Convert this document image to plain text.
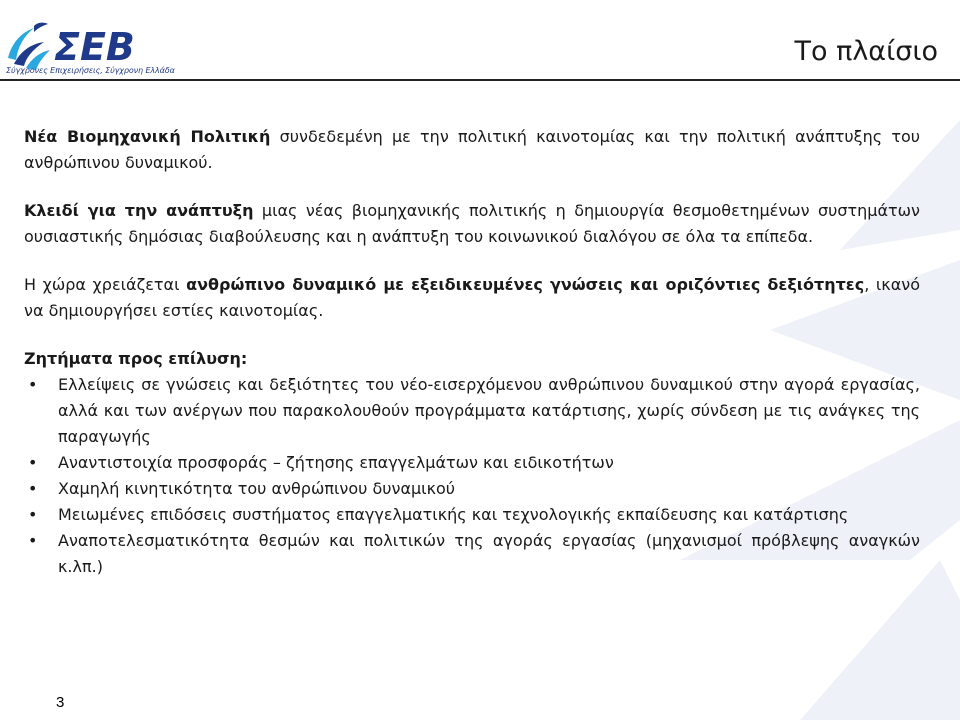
ΣΕΒ
Σύγχρονες Επιχειρήσεις, Σύγχρονη Ελλάδα
Το πλαίσιο

Νέα Βιομηχανική Πολιτική συνδεδεμένη με την πολιτική καινοτομίας και την πολιτική ανάπτυξης του ανθρώπινου δυναμικού.

Κλειδί για την ανάπτυξη μιας νέας βιομηχανικής πολιτικής η δημιουργία θεσμοθετημένων συστημάτων ουσιαστικής δημόσιας διαβούλευσης και η ανάπτυξη του κοινωνικού διαλόγου σε όλα τα επίπεδα.

Η χώρα χρειάζεται ανθρώπινο δυναμικό με εξειδικευμένες γνώσεις και οριζόντιες δεξιότητες, ικανό να δημιουργήσει εστίες καινοτομίας.

Ζητήματα προς επίλυση:

• Ελλείψεις σε γνώσεις και δεξιότητες του νέο-εισερχόμενου ανθρώπινου δυναμικού στην αγορά εργασίας, αλλά και των ανέργων που παρακολουθούν προγράμματα κατάρτισης, χωρίς σύνδεση με τις ανάγκες της παραγωγής
• Αναντιστοιχία προσφοράς – ζήτησης επαγγελμάτων και ειδικοτήτων
• Χαμηλή κινητικότητα του ανθρώπινου δυναμικού
• Μειωμένες επιδόσεις συστήματος επαγγελματικής και τεχνολογικής εκπαίδευσης και κατάρτισης
• Αναποτελεσματικότητα θεσμών και πολιτικών της αγοράς εργασίας (μηχανισμοί πρόβλεψης αναγκών κ.λπ.)
3
